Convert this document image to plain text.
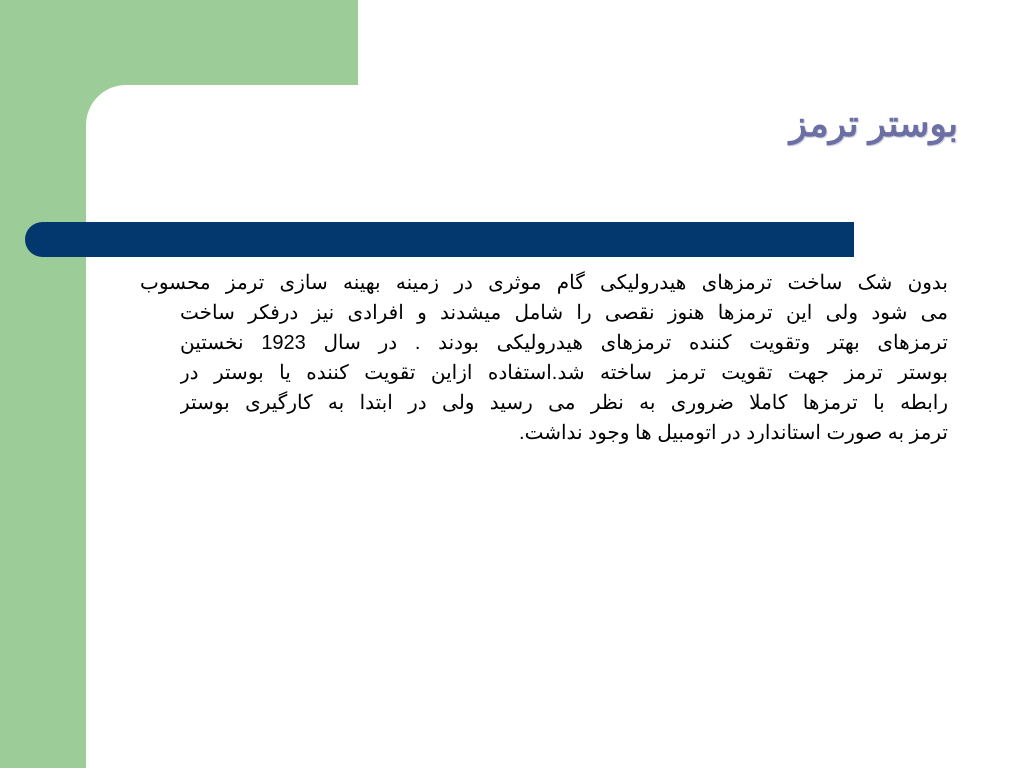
بوستر ترمز
بدون شک ساخت ترمزهای هیدرولیکی گام موثری در زمینه بهینه سازی ترمز محسوب
می شود ولی این ترمزها هنوز نقصی را شامل میشدند و افرادی نیز درفکر ساخت
ترمزهای بهتر وتقویت کننده ترمزهای هیدرولیکی بودند . در سال 1923 نخستین
بوستر ترمز جهت تقویت ترمز ساخته شد.استفاده ازاین تقویت کننده یا بوستر در
رابطه با ترمزها کاملا ضروری به نظر می رسید ولی در ابتدا به کارگیری بوستر
ترمز به صورت استاندارد در اتومبیل ها وجود نداشت.
